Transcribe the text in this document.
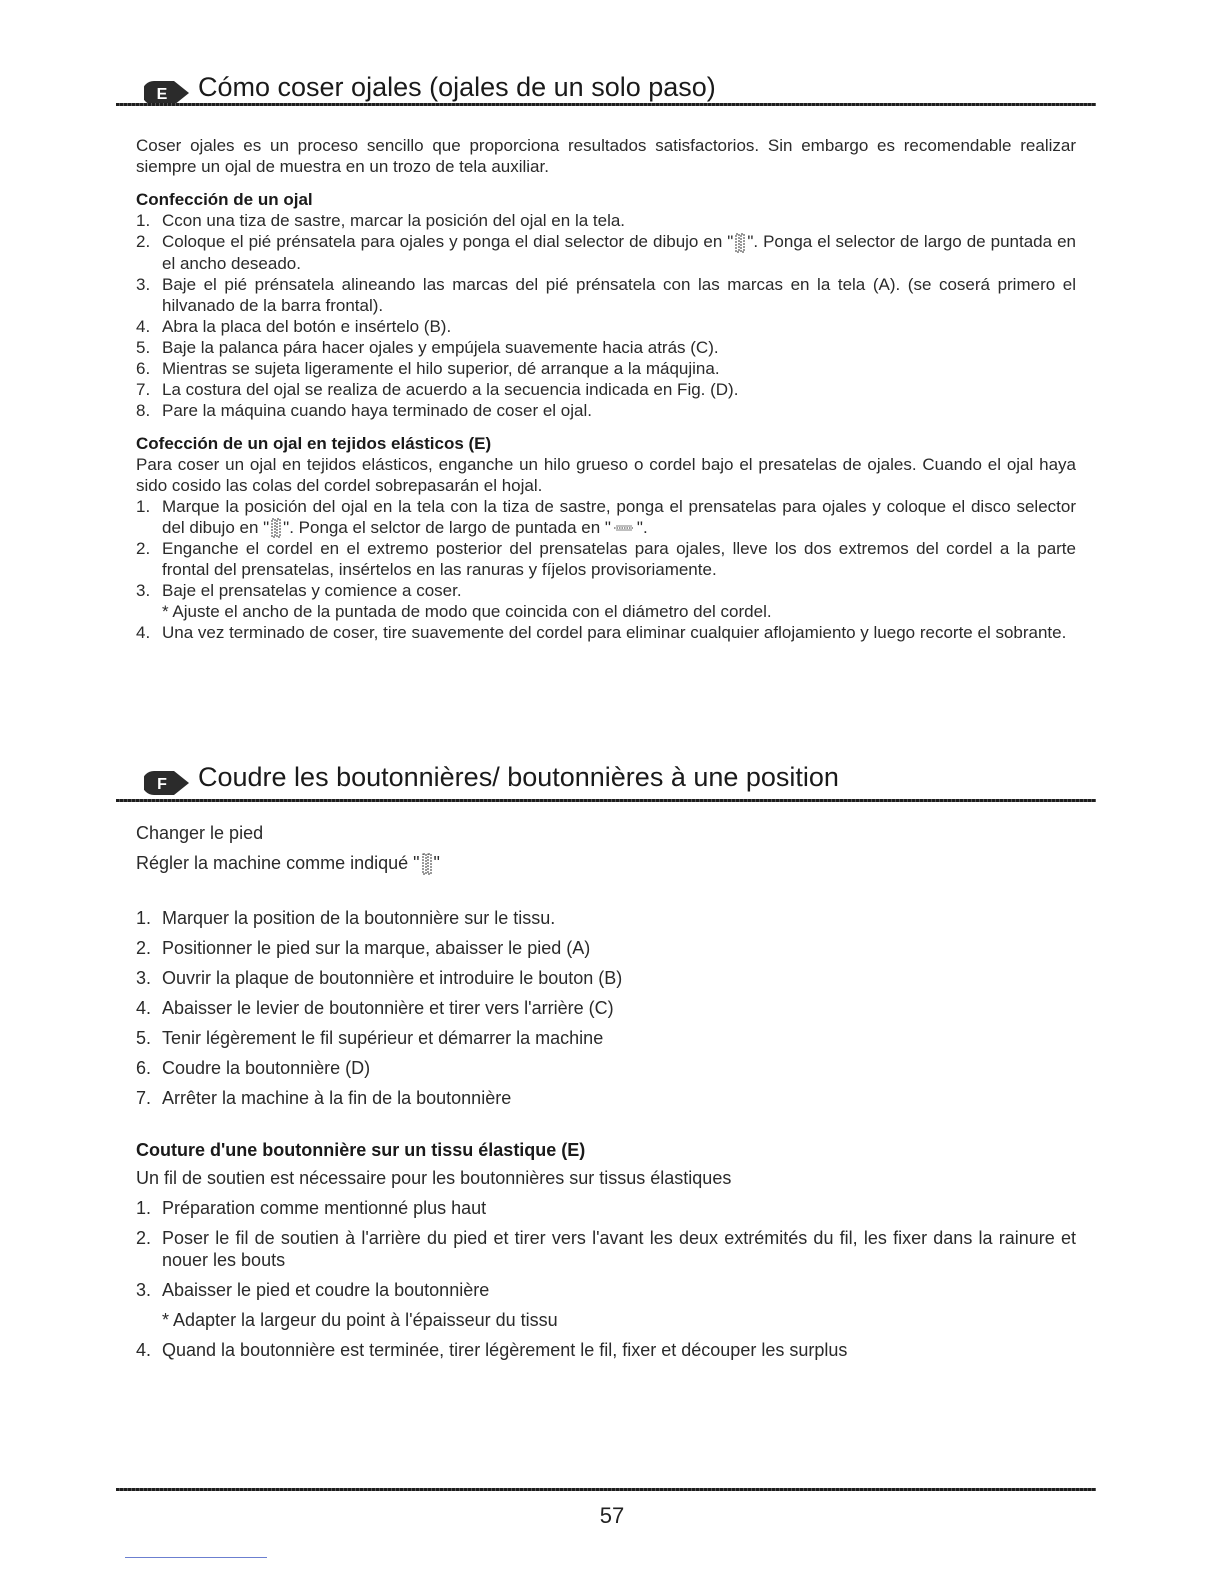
E Cómo coser ojales (ojales de un solo paso)

Coser ojales es un proceso sencillo que proporciona resultados satisfactorios. Sin embargo es recomendable realizar siempre un ojal de muestra en un trozo de tela auxiliar.

Confección de un ojal

1. Ccon una tiza de sastre, marcar la posición del ojal en la tela.
2. Coloque el pié prénsatela para ojales y ponga el dial selector de dibujo en " ". Ponga el selector de largo de puntada en el ancho deseado.
3. Baje el pié prénsatela alineando las marcas del pié prénsatela con las marcas en la tela (A). (se coserá primero el hilvanado de la barra frontal).
4. Abra la placa del botón e insértelo (B).
5. Baje la palanca pára hacer ojales y empújela suavemente hacia atrás (C).
6. Mientras se sujeta ligeramente el hilo superior, dé arranque a la máqujina.
7. La costura del ojal se realiza de acuerdo a la secuencia indicada en Fig. (D).
8. Pare la máquina cuando haya terminado de coser el ojal.

Cofección de un ojal en tejidos elásticos (E)

Para coser un ojal en tejidos elásticos, enganche un hilo grueso o cordel bajo el presatelas de ojales. Cuando el ojal haya sido cosido las colas del cordel sobrepasarán el hojal.

1. Marque la posición del ojal en la tela con la tiza de sastre, ponga el prensatelas para ojales y coloque el disco selector del dibujo en " ". Ponga el selctor de largo de puntada en " ".
2. Enganche el cordel en el extremo posterior del prensatelas para ojales, lleve los dos extremos del cordel a la parte frontal del prensatelas, insértelos en las ranuras y fíjelos provisoriamente.
3. Baje el prensatelas y comience a coser.
* Ajuste el ancho de la puntada de modo que coincida con el diámetro del cordel.
4. Una vez terminado de coser, tire suavemente del cordel para eliminar cualquier aflojamiento y luego recorte el sobrante.
F Coudre les boutonnières/ boutonnières à une position

Changer le pied

Régler la machine comme indiqué " "

1. Marquer la position de la boutonnière sur le tissu.
2. Positionner le pied sur la marque, abaisser le pied (A)
3. Ouvrir la plaque de boutonnière et introduire le bouton (B)
4. Abaisser le levier de boutonnière et tirer vers l'arrière (C)
5. Tenir légèrement le fil supérieur et démarrer la machine
6. Coudre la boutonnière (D)
7. Arrêter la machine à la fin de la boutonnière

Couture d'une boutonnière sur un tissu élastique (E)

Un fil de soutien est nécessaire pour les boutonnières sur tissus élastiques

1. Préparation comme mentionné plus haut
2. Poser le fil de soutien à l'arrière du pied et tirer vers l'avant les deux extrémités du fil, les fixer dans la rainure et nouer les bouts
3. Abaisser le pied et coudre la boutonnière
* Adapter la largeur du point à l'épaisseur du tissu
4. Quand la boutonnière est terminée, tirer légèrement le fil, fixer et découper les surplus
57
